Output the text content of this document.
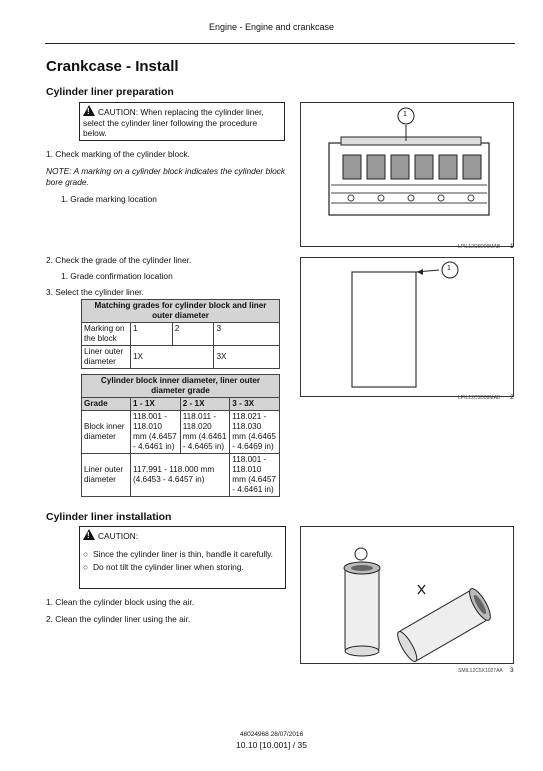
Engine - Engine and crankcase
Crankcase - Install
Cylinder liner preparation
!CAUTION: When replacing the cylinder liner, select the cylinder liner following the procedure below.
1. Check marking of the cylinder block.
NOTE: A marking on a cylinder block indicates the cylinder block bore grade.
1. Grade marking location
2. Check the grade of the cylinder liner.
1. Grade confirmation location
3. Select the cylinder liner.
Matching grades for cylinder block and liner outer diameter			
Marking on the block	1	2	3
Liner outer diameter	1X		3X
Cylinder block inner diameter, liner outer diameter grade			
Grade	1 - 1X	2 - 1X	3 - 3X
Block inner diameter	118.001 - 118.010 mm (4.6457 - 4.6461 in)	118.011 - 118.020 mm (4.6461 - 4.6465 in)	118.021 - 118.030 mm (4.6465 - 4.6469 in)
Liner outer diameter	117.991 - 118.000 mm (4.6453 - 4.6457 in)		118.001 - 118.010 mm (4.6457 - 4.6461 in)
Cylinder liner installation
!CAUTION:
○ Since the cylinder liner is thin, handle it carefully.
○ Do not tilt the cylinder liner when storing.
1. Clean the cylinder block using the air.
2. Clean the cylinder liner using the air.
1
LPIL12C5D09MAB 1
1
LPIL12C5D09MAB 2
SMIL12C5X1027AA 3
48024968 28/07/2016
10.10 [10.001] / 35
